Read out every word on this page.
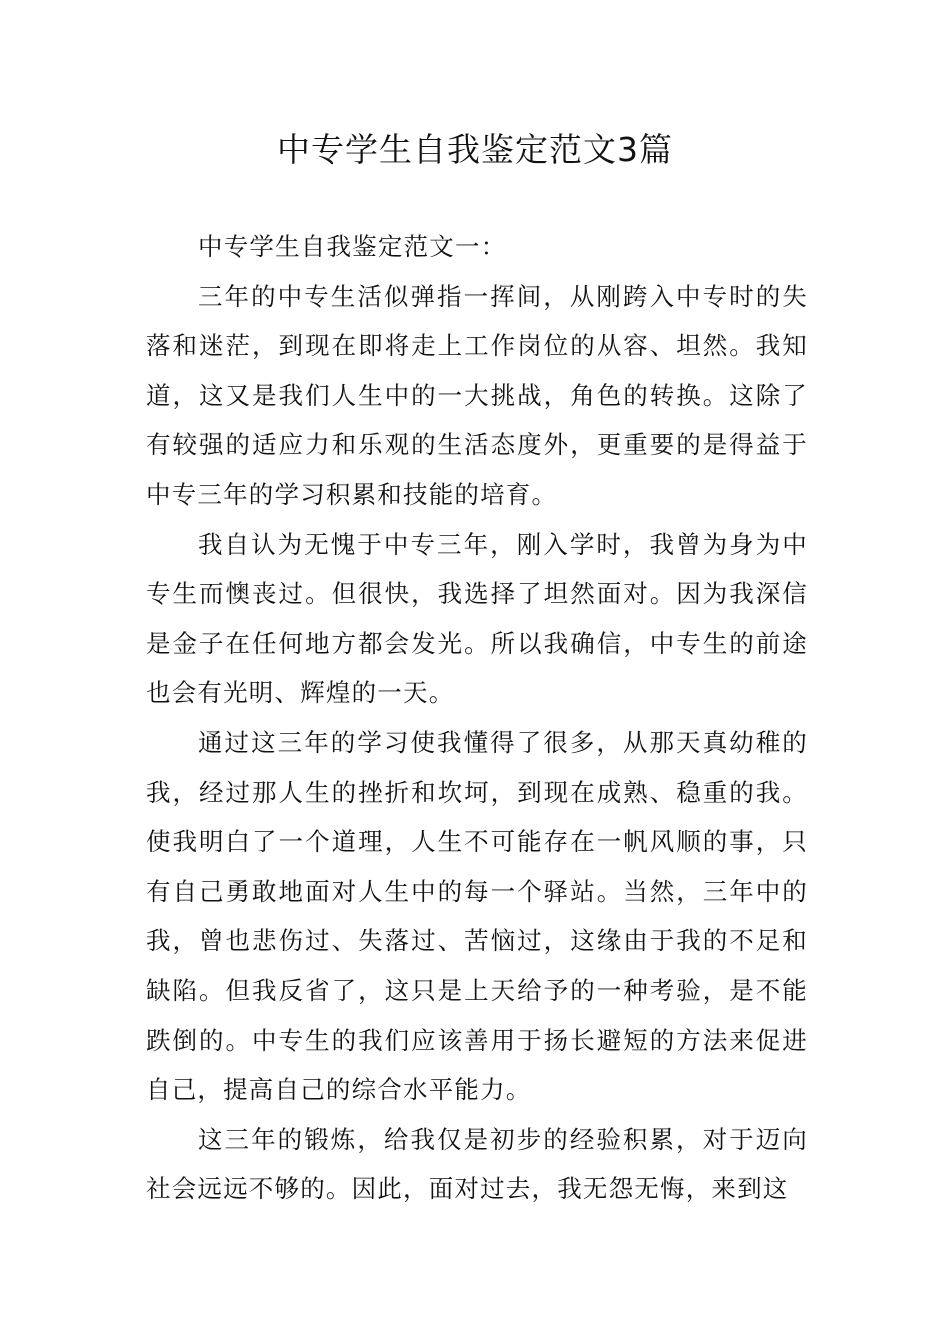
中专学生自我鉴定范文3篇

中专学生自我鉴定范文一：

三年的中专生活似弹指一挥间，从刚跨入中专时的失落和迷茫，到现在即将走上工作岗位的从容、坦然。我知道，这又是我们人生中的一大挑战，角色的转换。这除了有较强的适应力和乐观的生活态度外，更重要的是得益于中专三年的学习积累和技能的培育。

我自认为无愧于中专三年，刚入学时，我曾为身为中专生而懊丧过。但很快，我选择了坦然面对。因为我深信是金子在任何地方都会发光。所以我确信，中专生的前途也会有光明、辉煌的一天。

通过这三年的学习使我懂得了很多，从那天真幼稚的我，经过那人生的挫折和坎坷，到现在成熟、稳重的我。使我明白了一个道理，人生不可能存在一帆风顺的事，只有自己勇敢地面对人生中的每一个驿站。当然，三年中的我，曾也悲伤过、失落过、苦恼过，这缘由于我的不足和缺陷。但我反省了，这只是上天给予的一种考验，是不能跌倒的。中专生的我们应该善用于扬长避短的方法来促进自己，提高自己的综合水平能力。

这三年的锻炼，给我仅是初步的经验积累，对于迈向社会远远不够的。因此，面对过去，我无怨无悔，来到这
